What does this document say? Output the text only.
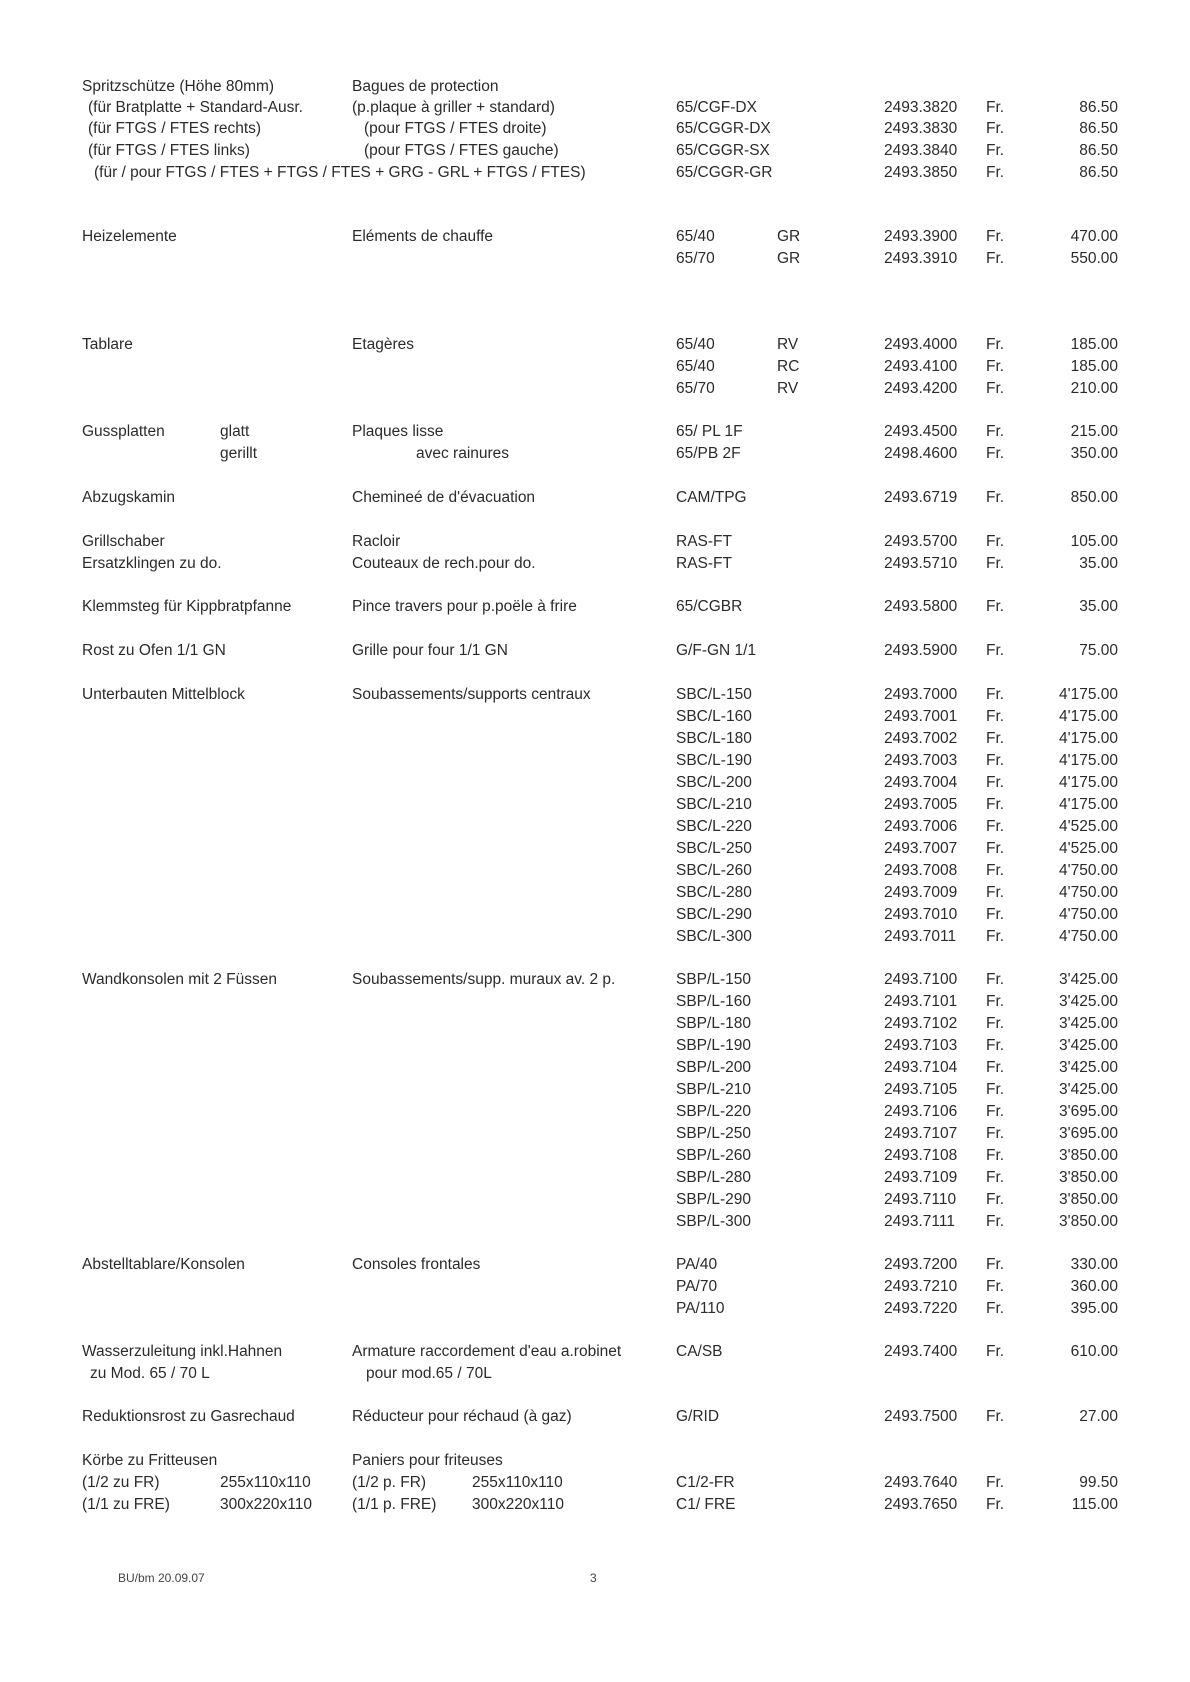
BU/bm 20.09.07	3
Spritzschütze (Höhe 80mm)	Bagues de protection
(für Bratplatte + Standard-Ausr.	(p.plaque à griller + standard)	65/CGF-DX	2493.3820 Fr.	86.50
(für FTGS / FTES rechts)	(pour FTGS / FTES droite)	65/CGGR-DX	2493.3830 Fr.	86.50
(für FTGS / FTES links)	(pour FTGS / FTES gauche)	65/CGGR-SX	2493.3840 Fr.	86.50
(für / pour FTGS / FTES + FTGS / FTES + GRG - GRL + FTGS / FTES)	65/CGGR-GR	2493.3850 Fr.	86.50
Heizelemente	Eléments de chauffe	65/40	GR	2493.3900 Fr.	470.00
65/70	GR	2493.3910 Fr.	550.00
Tablare	Etagères	65/40	RV	2493.4000 Fr.	185.00
65/40	RC	2493.4100 Fr.	185.00
65/70	RV	2493.4200 Fr.	210.00
Gussplatten	glatt	Plaques lisse	65/ PL 1F	2493.4500 Fr.	215.00
gerillt	avec rainures	65/PB 2F	2498.4600 Fr.	350.00
Abzugskamin	Chemineé de d'évacuation	CAM/TPG	2493.6719 Fr.	850.00
Grillschaber	Racloir	RAS-FT	2493.5700 Fr.	105.00
Ersatzklingen zu do.	Couteaux de rech.pour do.	RAS-FT	2493.5710 Fr.	35.00
Klemmsteg für Kippbratpfanne	Pince travers pour p.poële à frire	65/CGBR	2493.5800 Fr.	35.00
Rost zu Ofen 1/1 GN	Grille pour four 1/1 GN	G/F-GN 1/1	2493.5900 Fr.	75.00
Unterbauten Mittelblock	Soubassements/supports centraux	SBC/L-150	2493.7000 Fr.	4'175.00
SBC/L-160	2493.7001 Fr.	4'175.00
SBC/L-180	2493.7002 Fr.	4'175.00
SBC/L-190	2493.7003 Fr.	4'175.00
SBC/L-200	2493.7004 Fr.	4'175.00
SBC/L-210	2493.7005 Fr.	4'175.00
SBC/L-220	2493.7006 Fr.	4'525.00
SBC/L-250	2493.7007 Fr.	4'525.00
SBC/L-260	2493.7008 Fr.	4'750.00
SBC/L-280	2493.7009 Fr.	4'750.00
SBC/L-290	2493.7010 Fr.	4'750.00
SBC/L-300	2493.7011 Fr.	4'750.00
Wandkonsolen mit 2 Füssen	Soubassements/supp. muraux av. 2 p.	SBP/L-150	2493.7100 Fr.	3'425.00
SBP/L-160	2493.7101 Fr.	3'425.00
SBP/L-180	2493.7102 Fr.	3'425.00
SBP/L-190	2493.7103 Fr.	3'425.00
SBP/L-200	2493.7104 Fr.	3'425.00
SBP/L-210	2493.7105 Fr.	3'425.00
SBP/L-220	2493.7106 Fr.	3'695.00
SBP/L-250	2493.7107 Fr.	3'695.00
SBP/L-260	2493.7108 Fr.	3'850.00
SBP/L-280	2493.7109 Fr.	3'850.00
SBP/L-290	2493.7110 Fr.	3'850.00
SBP/L-300	2493.7111 Fr.	3'850.00
Abstelltablare/Konsolen	Consoles frontales	PA/40	2493.7200 Fr.	330.00
PA/70	2493.7210 Fr.	360.00
PA/110	2493.7220 Fr.	395.00
Wasserzuleitung inkl.Hahnen	Armature raccordement d'eau a.robinet	CA/SB	2493.7400 Fr.	610.00
zu Mod. 65 / 70 L	pour mod.65 / 70L
Reduktionsrost zu Gasrechaud	Réducteur pour réchaud (à gaz)	G/RID	2493.7500 Fr.	27.00
Körbe zu Fritteusen	Paniers pour friteuses
(1/2 zu FR)	255x110x110	(1/2 p. FR)	255x110x110	C1/2-FR	2493.7640 Fr.	99.50
(1/1 zu FRE)	300x220x110	(1/1 p. FRE) 300x220x110	C1/ FRE	2493.7650 Fr.	115.00
